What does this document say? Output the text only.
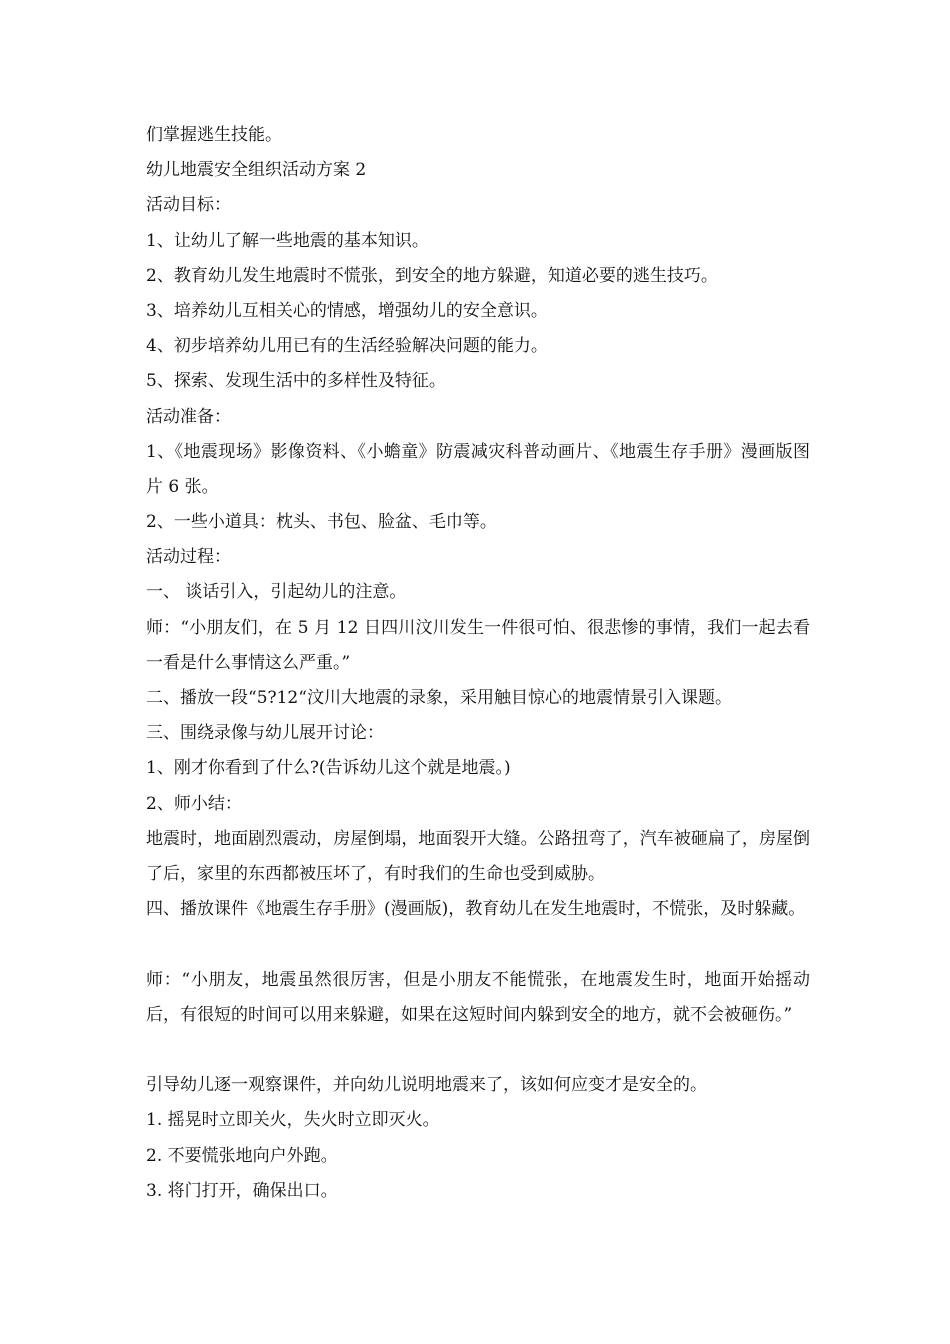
们掌握逃生技能。
幼儿地震安全组织活动方案 2
活动目标：
1、让幼儿了解一些地震的基本知识。
2、教育幼儿发生地震时不慌张，到安全的地方躲避，知道必要的逃生技巧。
3、培养幼儿互相关心的情感，增强幼儿的安全意识。
4、初步培养幼儿用已有的生活经验解决问题的能力。
5、探索、发现生活中的多样性及特征。
活动准备：
1、《地震现场》影像资料、《小蟾童》防震减灾科普动画片、《地震生存手册》漫画版图片 6 张。
2、一些小道具：枕头、书包、脸盆、毛巾等。
活动过程：
一、 谈话引入，引起幼儿的注意。
师：“小朋友们，在 5 月 12 日四川汶川发生一件很可怕、很悲惨的事情，我们一起去看一看是什么事情这么严重。”
二、播放一段“5?12“汶川大地震的录象，采用触目惊心的地震情景引入课题。
三、围绕录像与幼儿展开讨论：
1、刚才你看到了什么?(告诉幼儿这个就是地震。)
2、师小结：
地震时，地面剧烈震动，房屋倒塌，地面裂开大缝。公路扭弯了，汽车被砸扁了，房屋倒了后，家里的东西都被压坏了，有时我们的生命也受到威胁。
四、播放课件《地震生存手册》(漫画版)，教育幼儿在发生地震时，不慌张，及时躲藏。
师：“小朋友，地震虽然很厉害，但是小朋友不能慌张，在地震发生时，地面开始摇动后，有很短的时间可以用来躲避，如果在这短时间内躲到安全的地方，就不会被砸伤。”
引导幼儿逐一观察课件，并向幼儿说明地震来了，该如何应变才是安全的。
1. 摇晃时立即关火，失火时立即灭火。
2. 不要慌张地向户外跑。
3. 将门打开，确保出口。
